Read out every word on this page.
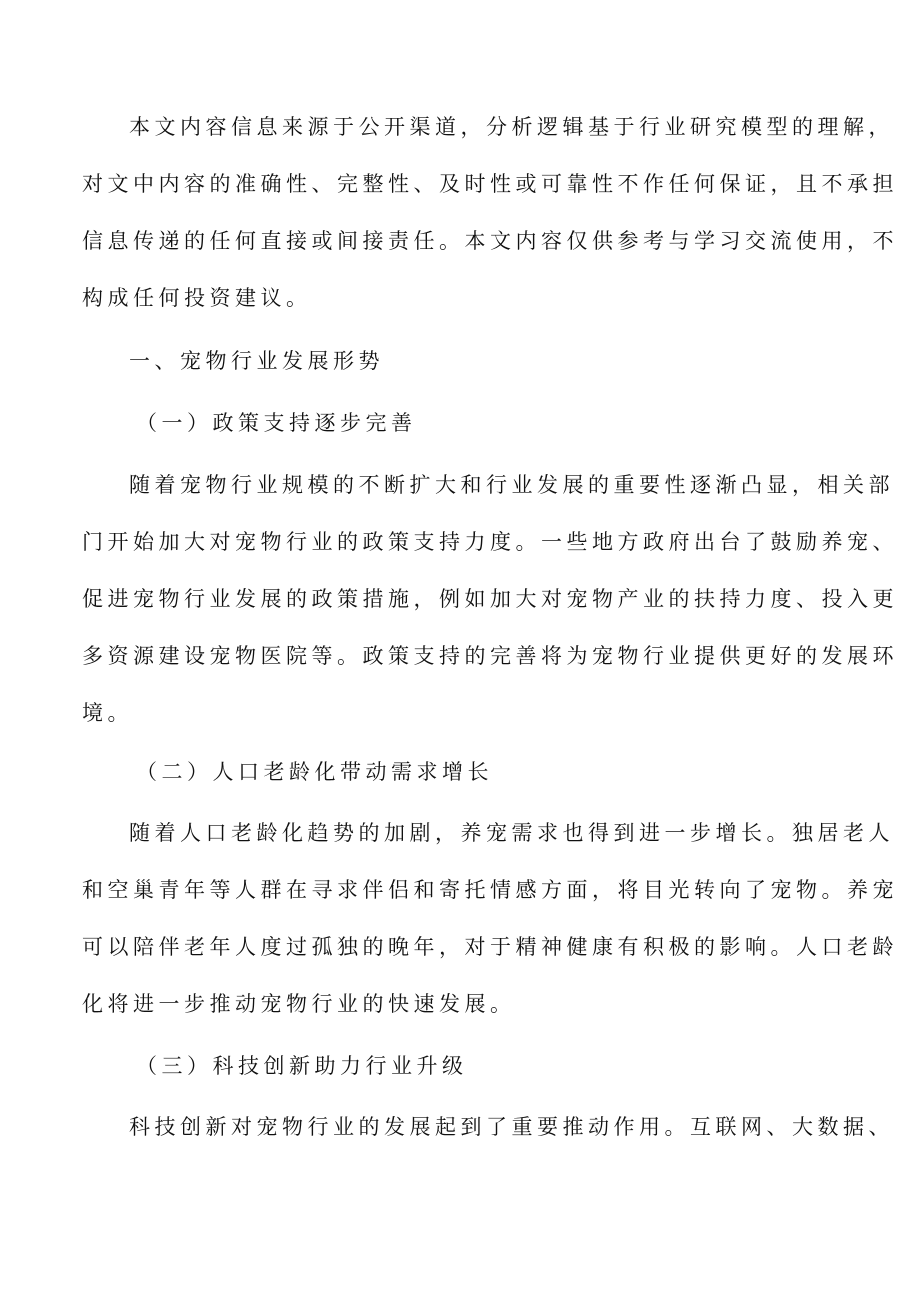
本文内容信息来源于公开渠道，分析逻辑基于行业研究模型的理解，
对文中内容的准确性、完整性、及时性或可靠性不作任何保证，且不承担
信息传递的任何直接或间接责任。本文内容仅供参考与学习交流使用，不
构成任何投资建议。
一、宠物行业发展形势
（一）政策支持逐步完善
随着宠物行业规模的不断扩大和行业发展的重要性逐渐凸显，相关部
门开始加大对宠物行业的政策支持力度。一些地方政府出台了鼓励养宠、
促进宠物行业发展的政策措施，例如加大对宠物产业的扶持力度、投入更
多资源建设宠物医院等。政策支持的完善将为宠物行业提供更好的发展环
境。
（二）人口老龄化带动需求增长
随着人口老龄化趋势的加剧，养宠需求也得到进一步增长。独居老人
和空巢青年等人群在寻求伴侣和寄托情感方面，将目光转向了宠物。养宠
可以陪伴老年人度过孤独的晚年，对于精神健康有积极的影响。人口老龄
化将进一步推动宠物行业的快速发展。
（三）科技创新助力行业升级
科技创新对宠物行业的发展起到了重要推动作用。互联网、大数据、
